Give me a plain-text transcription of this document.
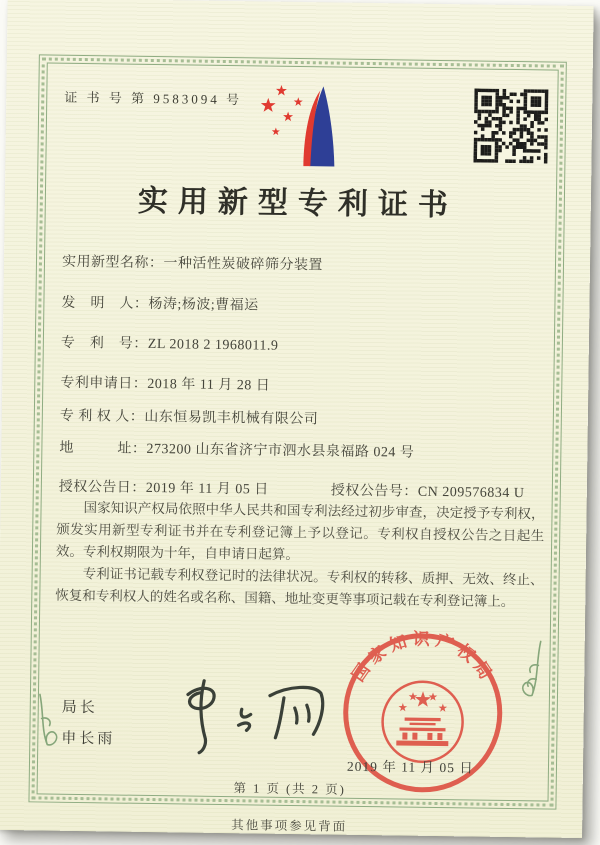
证 书 号 第 9583094 号
实用新型专利证书
实用新型名称：一种活性炭破碎筛分装置
发　明　人：杨涛;杨波;曹福运
专　利　号：ZL 2018 2 1968011.9
专利申请日：2018 年 11 月 28 日
专 利 权 人：山东恒易凯丰机械有限公司
地　　　址：273200 山东省济宁市泗水县泉福路 024 号
授权公告日：2019 年 11 月 05 日	授权公告号：CN 209576834 U

国家知识产权局依照中华人民共和国专利法经过初步审查，决定授予专利权，颁发实用新型专利证书并在专利登记簿上予以登记。专利权自授权公告之日起生效。专利权期限为十年，自申请日起算。

专利证书记载专利权登记时的法律状况。专利权的转移、质押、无效、终止、恢复和专利权人的姓名或名称、国籍、地址变更等事项记载在专利登记簿上。

局长
申长雨
国家知识产权局
2019 年 11 月 05 日
第 1 页 (共 2 页)
其他事项参见背面
